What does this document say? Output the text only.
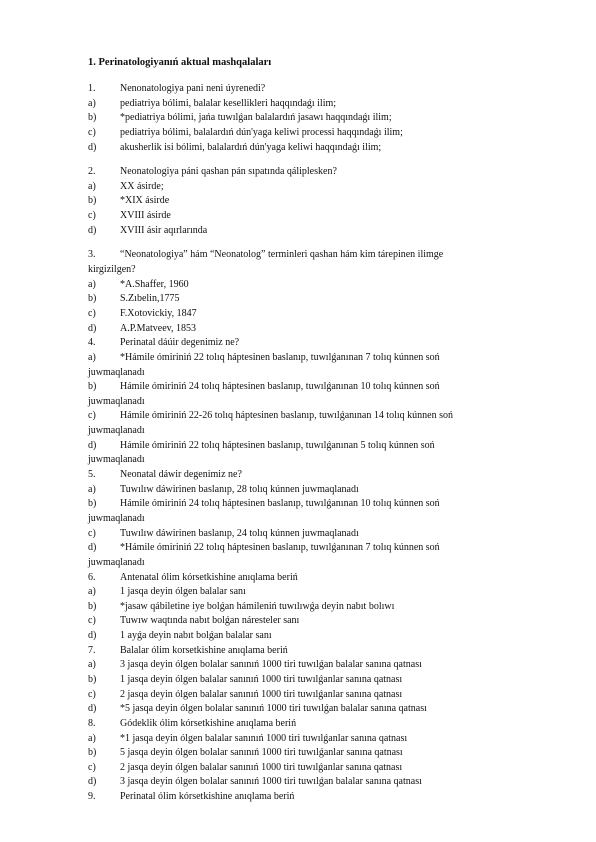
1. Perinatologiyanıń aktual mashqalaları
1.	Nenonatologiya pani neni úyrenedi?
a)	pediatriya bólimi, balalar keselliklerі haqqındaǵı ilim;
b)	*pediatriya bólimi, jańa tuwılǵan balalardıń jasawı haqqındaǵı ilim;
c)	pediatriya bólimi, balalardıń dún'yaga keliwi processi haqqındaǵı ilim;
d)	akusherlik isi bólimi, balalardıń dún'yaga keliwi haqqındaǵı ilim;
2.	Neonatologiya páni qashan pán sıpatında qáliplesken?
a)	XX ásirde;
b)	*XIX ásirde
c)	XVIII ásirde
d)	XVIII ásir aqırlarında
3.	“Neonatologiya” hám “Neonatolog” terminleri qashan hám kim tárepinen ilimge
kirgizilgen?
a)	*A.Shaffer, 1960
b)	S.Zıbelin,1775
c)	F.Xotovickiy, 1847
d)	A.P.Matveev, 1853
4.	Perinatal dáúir degenimiz ne?
a)	*Hámile ómiriniń 22 tolıq háptesinen baslanıp, tuwılǵanınan 7 tolıq kúnnen soń
juwmaqlanadı
b)	Hámile ómiriniń 24 tolıq háptesinen baslanıp, tuwılǵanınan 10 tolıq kúnnen soń
juwmaqlanadı
c)	Hámile ómiriniń 22-26 tolıq háptesinen baslanıp, tuwılǵanınan 14 tolıq kúnnen soń
juwmaqlanadı
d)	Hámile ómiriniń 22 tolıq háptesinen baslanıp, tuwılǵanınan 5 tolıq kúnnen soń
juwmaqlanadı
5.	Neonatal dáwir degenimiz ne?
a)	Tuwılıw dáwirinen baslanıp, 28 tolıq kúnnen juwmaqlanadı
b)	Hámile ómiriniń 24 tolıq háptesinen baslanıp, tuwılǵanınan 10 tolıq kúnnen soń
juwmaqlanadı
c)	Tuwılıw dáwirinen baslanıp, 24 tolıq kúnnen juwmaqlanadı
d)	*Hámile ómiriniń 22 tolıq háptesinen baslanıp, tuwılǵanınan 7 tolıq kúnnen soń
juwmaqlanadı
6.	Antenatal ólim kórsetkishine anıqlama beriń
a)	1 jasqa deyin ólgen balalar sanı
b)	*jasaw qábiletine iye bolǵan hámileniń tuwılıwǵa deyin nabıt bolıwı
c)	Tuwıw waqtında nabıt bolǵan náresteler sanı
d)	1 ayǵa deyin nabıt bolǵan balalar sanı
7.	Balalar ólim korsetkishine anıqlama beriń
a)	3 jasqa deyin ólgen bolalar sanınıń 1000 tiri tuwılǵan balalar sanına qatnası
b)	1 jasqa deyin ólgen balalar sanınıń 1000 tiri tuwılǵanlar sanına qatnası
c)	2 jasqa deyin ólgen balalar sanınıń 1000 tiri tuwılǵanlar sanına qatnası
d)	*5 jasqa deyin ólgen bolalar sanınıń 1000 tiri tuwılǵan balalar sanına qatnası
8.	Gódeklik ólim kórsetkishine anıqlama beriń
a)	*1 jasqa deyin ólgen balalar sanınıń 1000 tiri tuwılǵanlar sanına qatnası
b)	5 jasqa deyin ólgen bolalar sanınıń 1000 tiri tuwılǵanlar sanına qatnası
c)	2 jasqa deyin ólgen balalar sanınıń 1000 tiri tuwılǵanlar sanına qatnası
d)	3 jasqa deyin ólgen bolalar sanınıń 1000 tiri tuwılǵan balalar sanına qatnası
9.	Perinatal ólim kórsetkishine anıqlama beriń
